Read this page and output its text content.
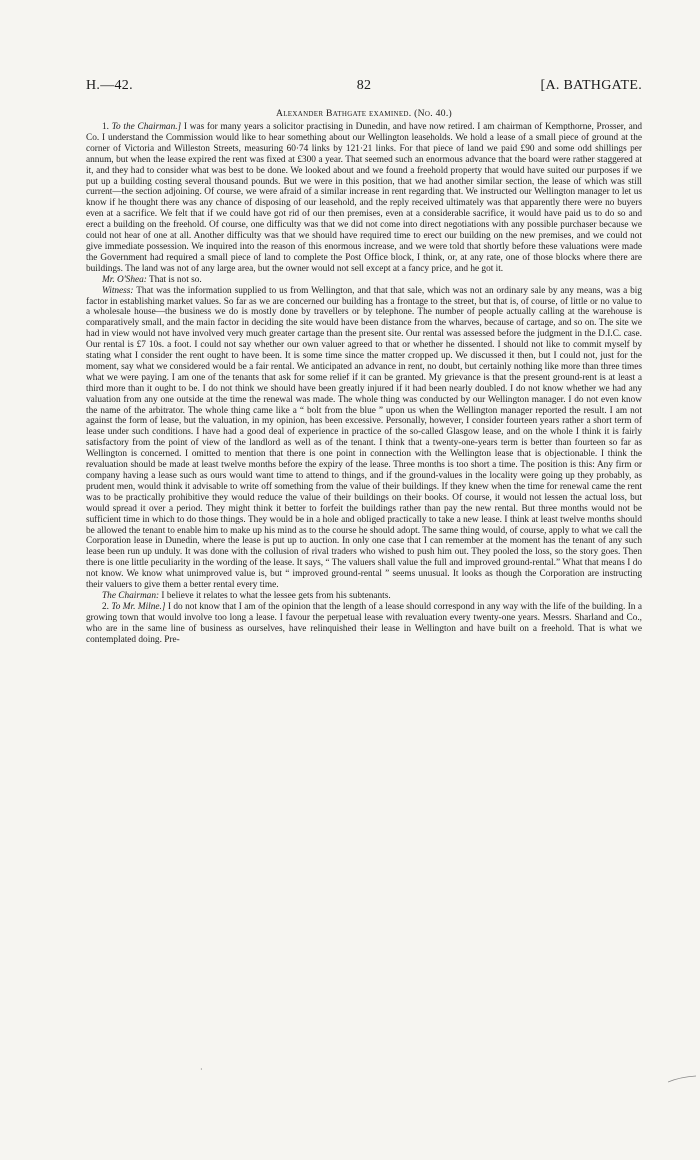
H.—42.	82	[A. BATHGATE.
Alexander Bathgate examined. (No. 40.)

1. To the Chairman.] I was for many years a solicitor practising in Dunedin, and have now retired. I am chairman of Kempthorne, Prosser, and Co. I understand the Commission would like to hear something about our Wellington leaseholds. We hold a lease of a small piece of ground at the corner of Victoria and Willeston Streets, measuring 60·74 links by 121·21 links. For that piece of land we paid £90 and some odd shillings per annum, but when the lease expired the rent was fixed at £300 a year. That seemed such an enormous advance that the board were rather staggered at it, and they had to consider what was best to be done. We looked about and we found a freehold property that would have suited our purposes if we put up a building costing several thousand pounds. But we were in this position, that we had another similar section, the lease of which was still current—the section adjoining. Of course, we were afraid of a similar increase in rent regarding that. We instructed our Wellington manager to let us know if he thought there was any chance of disposing of our leasehold, and the reply received ultimately was that apparently there were no buyers even at a sacrifice. We felt that if we could have got rid of our then premises, even at a considerable sacrifice, it would have paid us to do so and erect a building on the freehold. Of course, one difficulty was that we did not come into direct negotiations with any possible purchaser because we could not hear of one at all. Another difficulty was that we should have required time to erect our building on the new premises, and we could not give immediate possession. We inquired into the reason of this enormous increase, and we were told that shortly before these valuations were made the Government had required a small piece of land to complete the Post Office block, I think, or, at any rate, one of those blocks where there are buildings. The land was not of any large area, but the owner would not sell except at a fancy price, and he got it.

Mr. O'Shea: That is not so.

Witness: That was the information supplied to us from Wellington, and that that sale, which was not an ordinary sale by any means, was a big factor in establishing market values. So far as we are concerned our building has a frontage to the street, but that is, of course, of little or no value to a wholesale house—the business we do is mostly done by travellers or by telephone. The number of people actually calling at the warehouse is comparatively small, and the main factor in deciding the site would have been distance from the wharves, because of cartage, and so on. The site we had in view would not have involved very much greater cartage than the present site. Our rental was assessed before the judgment in the D.I.C. case. Our rental is £7 10s. a foot. I could not say whether our own valuer agreed to that or whether he dissented. I should not like to commit myself by stating what I consider the rent ought to have been. It is some time since the matter cropped up. We discussed it then, but I could not, just for the moment, say what we considered would be a fair rental. We anticipated an advance in rent, no doubt, but certainly nothing like more than three times what we were paying. I am one of the tenants that ask for some relief if it can be granted. My grievance is that the present ground-rent is at least a third more than it ought to be. I do not think we should have been greatly injured if it had been nearly doubled. I do not know whether we had any valuation from any one outside at the time the renewal was made. The whole thing was conducted by our Wellington manager. I do not even know the name of the arbitrator. The whole thing came like a “ bolt from the blue ” upon us when the Wellington manager reported the result. I am not against the form of lease, but the valuation, in my opinion, has been excessive. Personally, however, I consider fourteen years rather a short term of lease under such conditions. I have had a good deal of experience in practice of the so-called Glasgow lease, and on the whole I think it is fairly satisfactory from the point of view of the landlord as well as of the tenant. I think that a twenty-one-years term is better than fourteen so far as Wellington is concerned. I omitted to mention that there is one point in connection with the Wellington lease that is objectionable. I think the revaluation should be made at least twelve months before the expiry of the lease. Three months is too short a time. The position is this: Any firm or company having a lease such as ours would want time to attend to things, and if the ground-values in the locality were going up they probably, as prudent men, would think it advisable to write off something from the value of their buildings. If they knew when the time for renewal came the rent was to be practically prohibitive they would reduce the value of their buildings on their books. Of course, it would not lessen the actual loss, but would spread it over a period. They might think it better to forfeit the buildings rather than pay the new rental. But three months would not be sufficient time in which to do those things. They would be in a hole and obliged practically to take a new lease. I think at least twelve months should be allowed the tenant to enable him to make up his mind as to the course he should adopt. The same thing would, of course, apply to what we call the Corporation lease in Dunedin, where the lease is put up to auction. In only one case that I can remember at the moment has the tenant of any such lease been run up unduly. It was done with the collusion of rival traders who wished to push him out. They pooled the loss, so the story goes. Then there is one little peculiarity in the wording of the lease. It says, “ The valuers shall value the full and improved ground-rental.” What that means I do not know. We know what unimproved value is, but “ improved ground-rental ” seems unusual. It looks as though the Corporation are instructing their valuers to give them a better rental every time.

The Chairman: I believe it relates to what the lessee gets from his subtenants.

2. To Mr. Milne.] I do not know that I am of the opinion that the length of a lease should correspond in any way with the life of the building. In a growing town that would involve too long a lease. I favour the perpetual lease with revaluation every twenty-one years. Messrs. Sharland and Co., who are in the same line of business as ourselves, have relinquished their lease in Wellington and have built on a freehold. That is what we contemplated doing. Pre-

·
